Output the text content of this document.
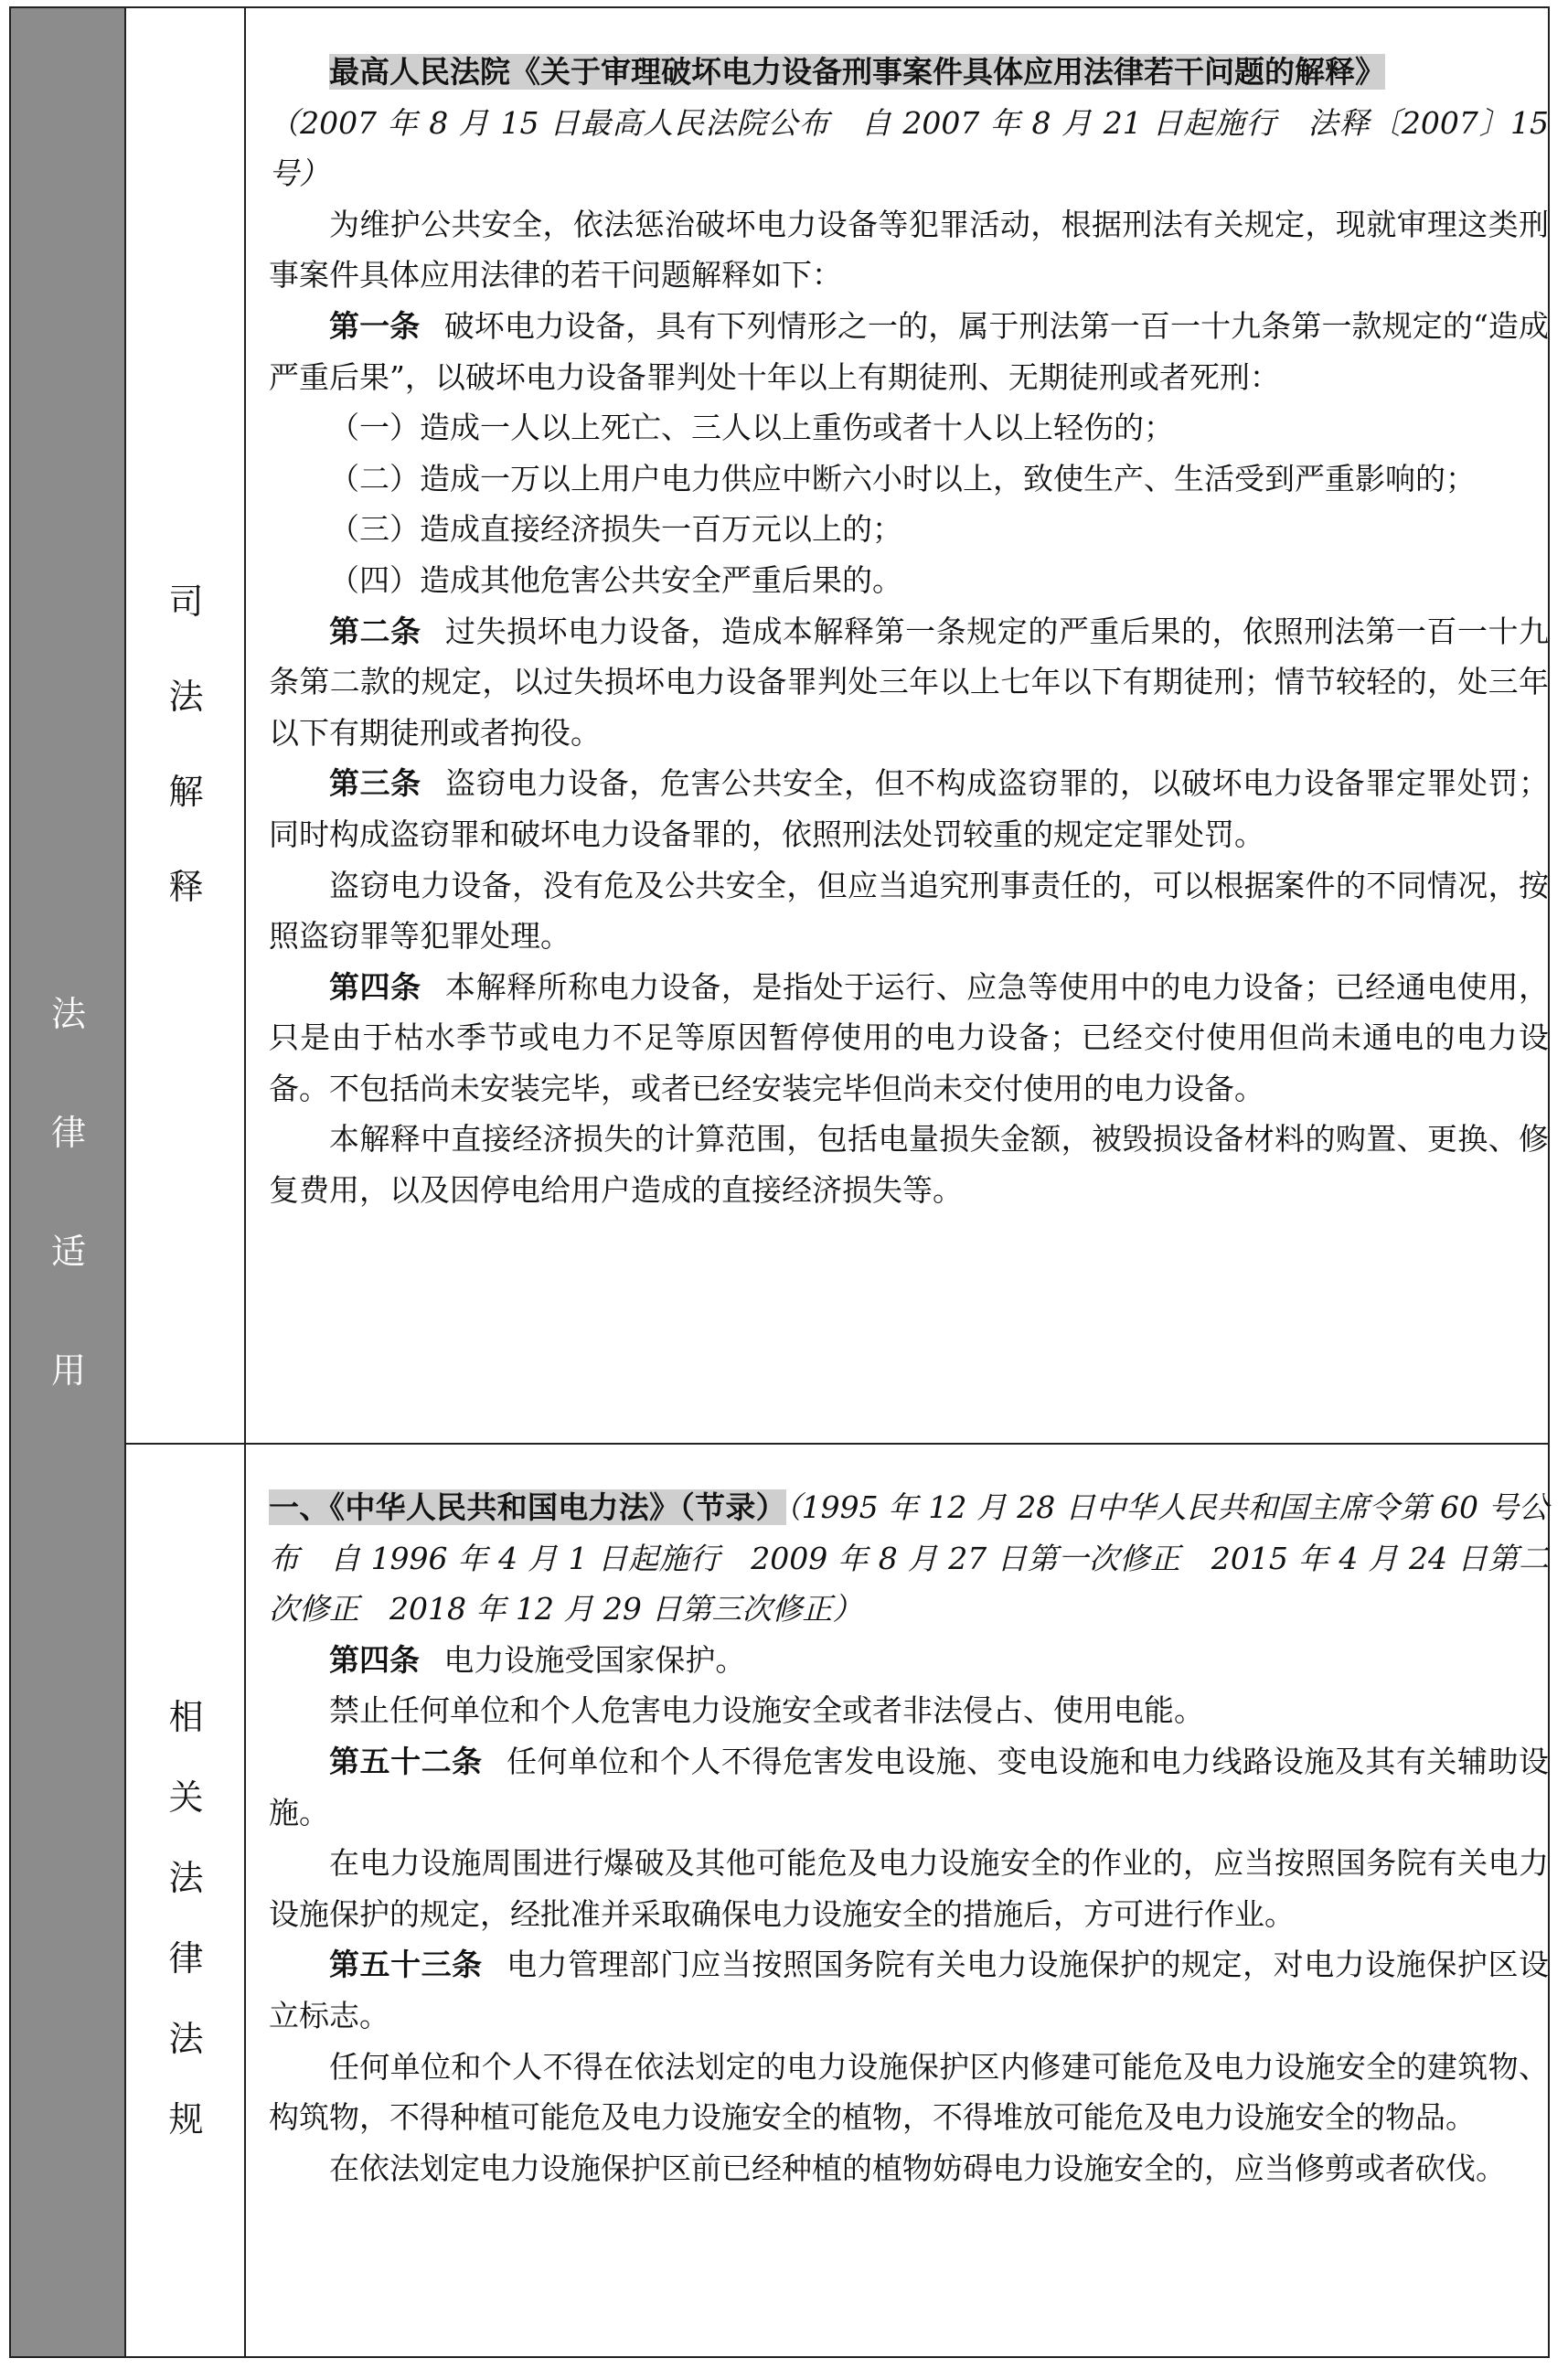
法
律
适
用
司
法
解
释
相
关
法
律
法
规

最高人民法院《关于审理破坏电力设备刑事案件具体应用法律若干问题的解释》

（2007 年 8 月 15 日最高人民法院公布　自 2007 年 8 月 21 日起施行　法释〔2007〕15 号）

为维护公共安全，依法惩治破坏电力设备等犯罪活动，根据刑法有关规定，现就审理这类刑事案件具体应用法律的若干问题解释如下：

第一条 破坏电力设备，具有下列情形之一的，属于刑法第一百一十九条第一款规定的“造成严重后果”，以破坏电力设备罪判处十年以上有期徒刑、无期徒刑或者死刑：

（一）造成一人以上死亡、三人以上重伤或者十人以上轻伤的；

（二）造成一万以上用户电力供应中断六小时以上，致使生产、生活受到严重影响的；

（三）造成直接经济损失一百万元以上的；

（四）造成其他危害公共安全严重后果的。

第二条 过失损坏电力设备，造成本解释第一条规定的严重后果的，依照刑法第一百一十九条第二款的规定，以过失损坏电力设备罪判处三年以上七年以下有期徒刑；情节较轻的，处三年以下有期徒刑或者拘役。

第三条 盗窃电力设备，危害公共安全，但不构成盗窃罪的，以破坏电力设备罪定罪处罚；同时构成盗窃罪和破坏电力设备罪的，依照刑法处罚较重的规定定罪处罚。

盗窃电力设备，没有危及公共安全，但应当追究刑事责任的，可以根据案件的不同情况，按照盗窃罪等犯罪处理。

第四条 本解释所称电力设备，是指处于运行、应急等使用中的电力设备；已经通电使用，只是由于枯水季节或电力不足等原因暂停使用的电力设备；已经交付使用但尚未通电的电力设备。不包括尚未安装完毕，或者已经安装完毕但尚未交付使用的电力设备。

本解释中直接经济损失的计算范围，包括电量损失金额，被毁损设备材料的购置、更换、修复费用，以及因停电给用户造成的直接经济损失等。

一、《中华人民共和国电力法》（节录）（1995 年 12 月 28 日中华人民共和国主席令第 60 号公布　自 1996 年 4 月 1 日起施行　2009 年 8 月 27 日第一次修正　2015 年 4 月 24 日第二次修正　2018 年 12 月 29 日第三次修正）

第四条 电力设施受国家保护。

禁止任何单位和个人危害电力设施安全或者非法侵占、使用电能。

第五十二条 任何单位和个人不得危害发电设施、变电设施和电力线路设施及其有关辅助设施。

在电力设施周围进行爆破及其他可能危及电力设施安全的作业的，应当按照国务院有关电力设施保护的规定，经批准并采取确保电力设施安全的措施后，方可进行作业。

第五十三条 电力管理部门应当按照国务院有关电力设施保护的规定，对电力设施保护区设立标志。

任何单位和个人不得在依法划定的电力设施保护区内修建可能危及电力设施安全的建筑物、构筑物，不得种植可能危及电力设施安全的植物，不得堆放可能危及电力设施安全的物品。

在依法划定电力设施保护区前已经种植的植物妨碍电力设施安全的，应当修剪或者砍伐。
